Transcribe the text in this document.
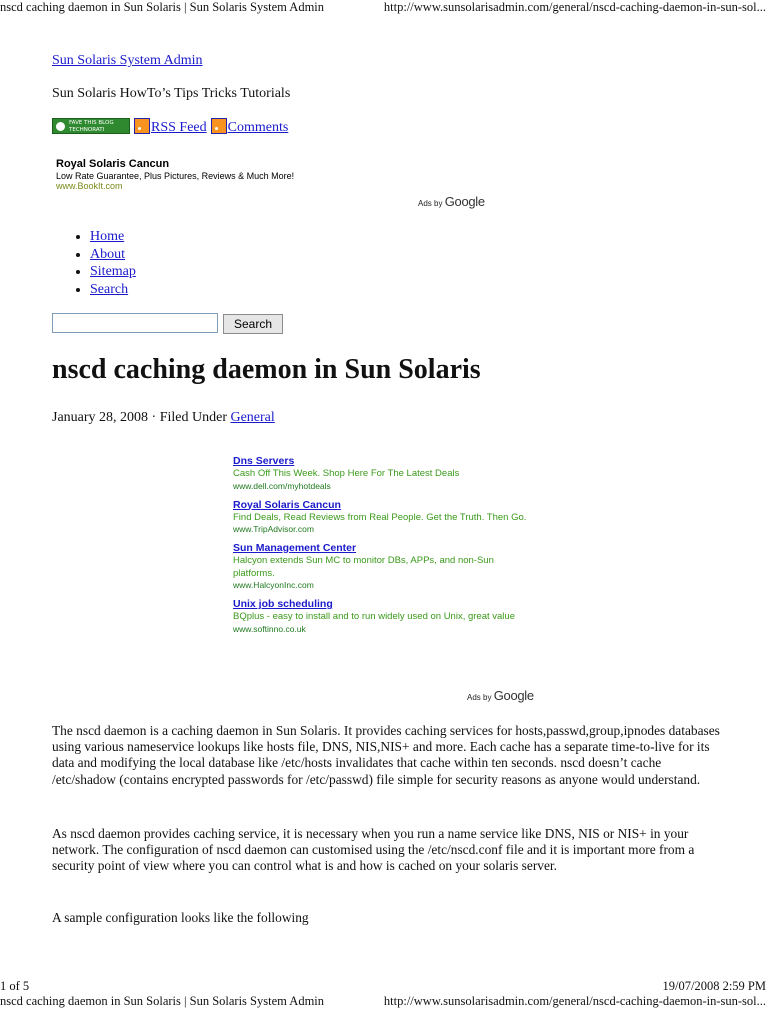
nscd caching daemon in Sun Solaris | Sun Solaris System Admin	http://www.sunsolarisadmin.com/general/nscd-caching-daemon-in-sun-sol...
Sun Solaris System Admin
Sun Solaris HowTo’s Tips Tricks Tutorials
FAVE THIS BLOG
TECHNORATI	RSS Feed Comments
Royal Solaris Cancun
Low Rate Guarantee, Plus Pictures, Reviews & Much More!
www.BookIt.com
Ads by Google
• Home
• About
• Sitemap
• Search
Search
nscd caching daemon in Sun Solaris
January 28, 2008 · Filed Under General
Dns Servers
Cash Off This Week. Shop Here For The Latest Deals
www.dell.com/myhotdeals
Royal Solaris Cancun
Find Deals, Read Reviews from Real People. Get the Truth. Then Go.
www.TripAdvisor.com
Sun Management Center
Halcyon extends Sun MC to monitor DBs, APPs, and non-Sun platforms.
www.HalcyonInc.com
Unix job scheduling
BQplus - easy to install and to run widely used on Unix, great value
www.softinno.co.uk
Ads by Google

The nscd daemon is a caching daemon in Sun Solaris. It provides caching services for hosts,passwd,group,ipnodes databases using various nameservice lookups like hosts file, DNS, NIS,NIS+ and more. Each cache has a separate time-to-live for its data and modifying the local database like /etc/hosts invalidates that cache within ten seconds. nscd doesn’t cache /etc/shadow (contains encrypted passwords for /etc/passwd) file simple for security reasons as anyone would understand.

As nscd daemon provides caching service, it is necessary when you run a name service like DNS, NIS or NIS+ in your network. The configuration of nscd daemon can customised using the /etc/nscd.conf file and it is important more from a security point of view where you can control what is and how is cached on your solaris server.

A sample configuration looks like the following

1 of 5	19/07/2008 2:59 PM
nscd caching daemon in Sun Solaris | Sun Solaris System Admin	http://www.sunsolarisadmin.com/general/nscd-caching-daemon-in-sun-sol...
